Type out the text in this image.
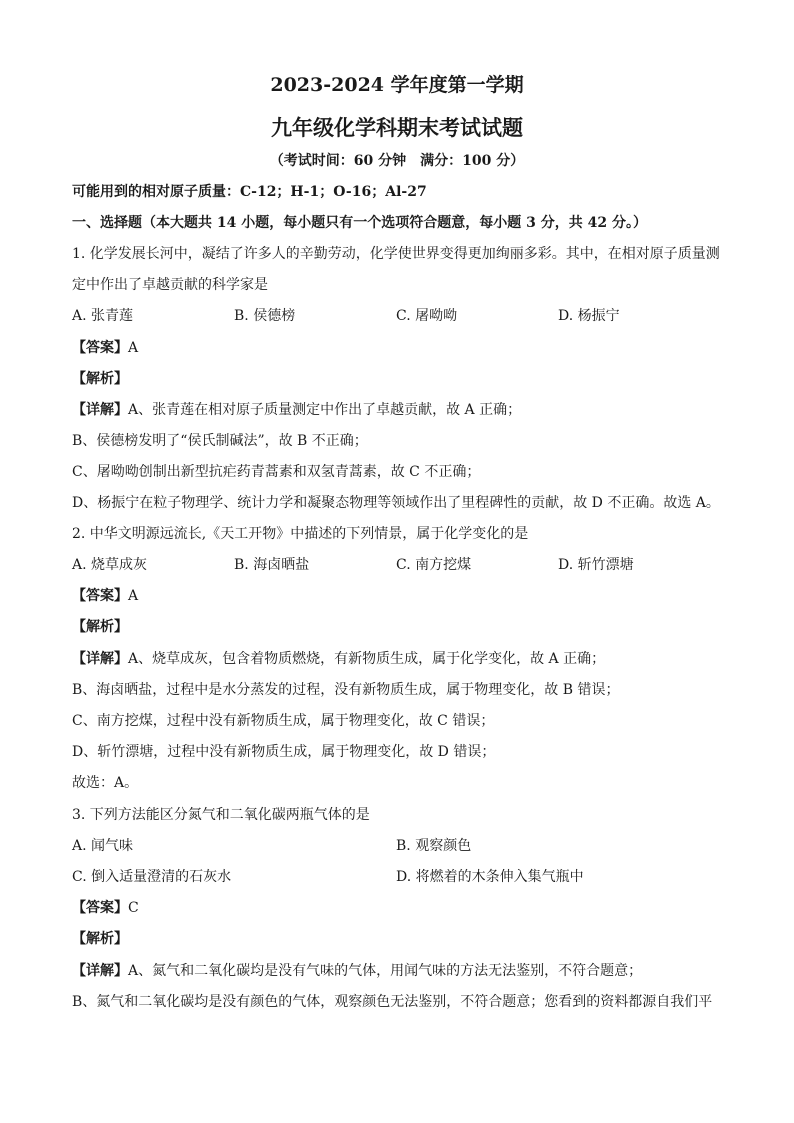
2023-2024 学年度第一学期
九年级化学科期末考试试题
（考试时间：60 分钟　满分：100 分）
可能用到的相对原子质量：C-12；H-1；O-16；Al-27
一、选择题（本大题共 14 小题，每小题只有一个选项符合题意，每小题 3 分，共 42 分。）
1. 化学发展长河中，凝结了许多人的辛勤劳动，化学使世界变得更加绚丽多彩。其中，在相对原子质量测
定中作出了卓越贡献的科学家是
A. 张青莲	B. 侯德榜	C. 屠呦呦	D. 杨振宁
【答案】A
【解析】
【详解】A、张青莲在相对原子质量测定中作出了卓越贡献，故 A 正确；
B、侯德榜发明了“侯氏制碱法”，故 B 不正确；
C、屠呦呦创制出新型抗疟药青蒿素和双氢青蒿素，故 C 不正确；
D、杨振宁在粒子物理学、统计力学和凝聚态物理等领域作出了里程碑性的贡献，故 D 不正确。故选 A。
2. 中华文明源远流长,《天工开物》中描述的下列情景，属于化学变化的是
A. 烧草成灰	B. 海卤晒盐	C. 南方挖煤	D. 斩竹漂塘
【答案】A
【解析】
【详解】A、烧草成灰，包含着物质燃烧，有新物质生成，属于化学变化，故 A 正确；
B、海卤晒盐，过程中是水分蒸发的过程，没有新物质生成，属于物理变化，故 B 错误；
C、南方挖煤，过程中没有新物质生成，属于物理变化，故 C 错误；
D、斩竹漂塘，过程中没有新物质生成，属于物理变化，故 D 错误；
故选：A。
3. 下列方法能区分氮气和二氧化碳两瓶气体的是
A. 闻气味	B. 观察颜色
C. 倒入适量澄清的石灰水	D. 将燃着的木条伸入集气瓶中
【答案】C
【解析】
【详解】A、氮气和二氧化碳均是没有气味的气体，用闻气味的方法无法鉴别，不符合题意；
B、氮气和二氧化碳均是没有颜色的气体，观察颜色无法鉴别，不符合题意；您看到的资料都源自我们平
